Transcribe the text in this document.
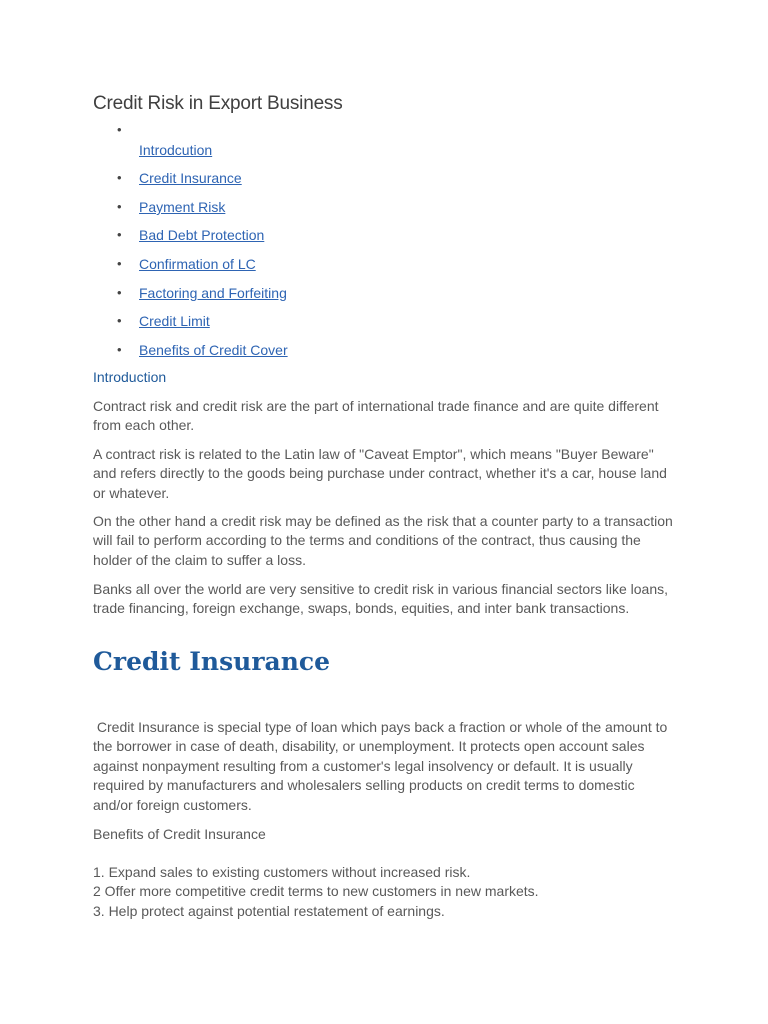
Credit Risk in Export Business
•
Introdcution
• Credit Insurance
• Payment Risk
• Bad Debt Protection
• Confirmation of LC
• Factoring and Forfeiting
• Credit Limit
• Benefits of Credit Cover
Introduction

Contract risk and credit risk are the part of international trade finance and are quite different from each other.

A contract risk is related to the Latin law of "Caveat Emptor", which means "Buyer Beware" and refers directly to the goods being purchase under contract, whether it's a car, house land or whatever.

On the other hand a credit risk may be defined as the risk that a counter party to a transaction will fail to perform according to the terms and conditions of the contract, thus causing the holder of the claim to suffer a loss.

Banks all over the world are very sensitive to credit risk in various financial sectors like loans, trade financing, foreign exchange, swaps, bonds, equities, and inter bank transactions.

Credit Insurance

Credit Insurance is special type of loan which pays back a fraction or whole of the amount to the borrower in case of death, disability, or unemployment. It protects open account sales against nonpayment resulting from a customer's legal insolvency or default. It is usually required by manufacturers and wholesalers selling products on credit terms to domestic and/or foreign customers.

Benefits of Credit Insurance

1. Expand sales to existing customers without increased risk.
2 Offer more competitive credit terms to new customers in new markets.
3. Help protect against potential restatement of earnings.
